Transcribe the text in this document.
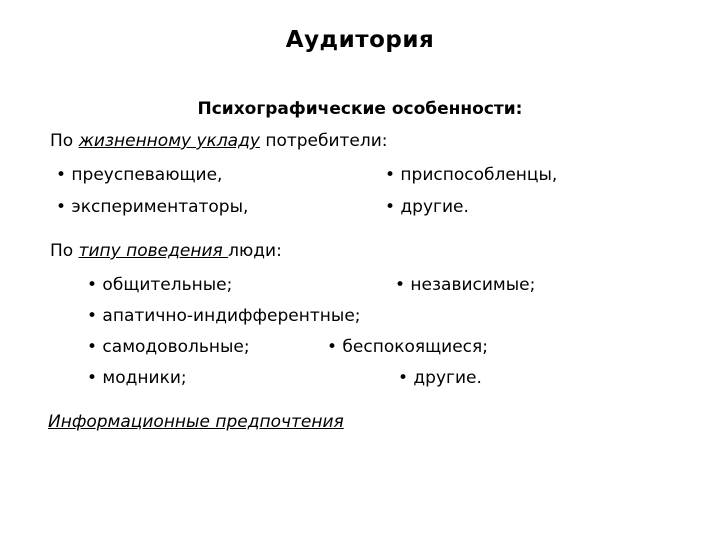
Аудитория
Психографические особенности:
По жизненному укладу потребители:
• преуспевающие,	• приспособленцы,
• экспериментаторы,	• другие.
По типу поведения люди:
• общительные;	• независимые;
• апатично-индифферентные;
• самодовольные;	• беспокоящиеся;
• модники;	• другие.
Информационные предпочтения
